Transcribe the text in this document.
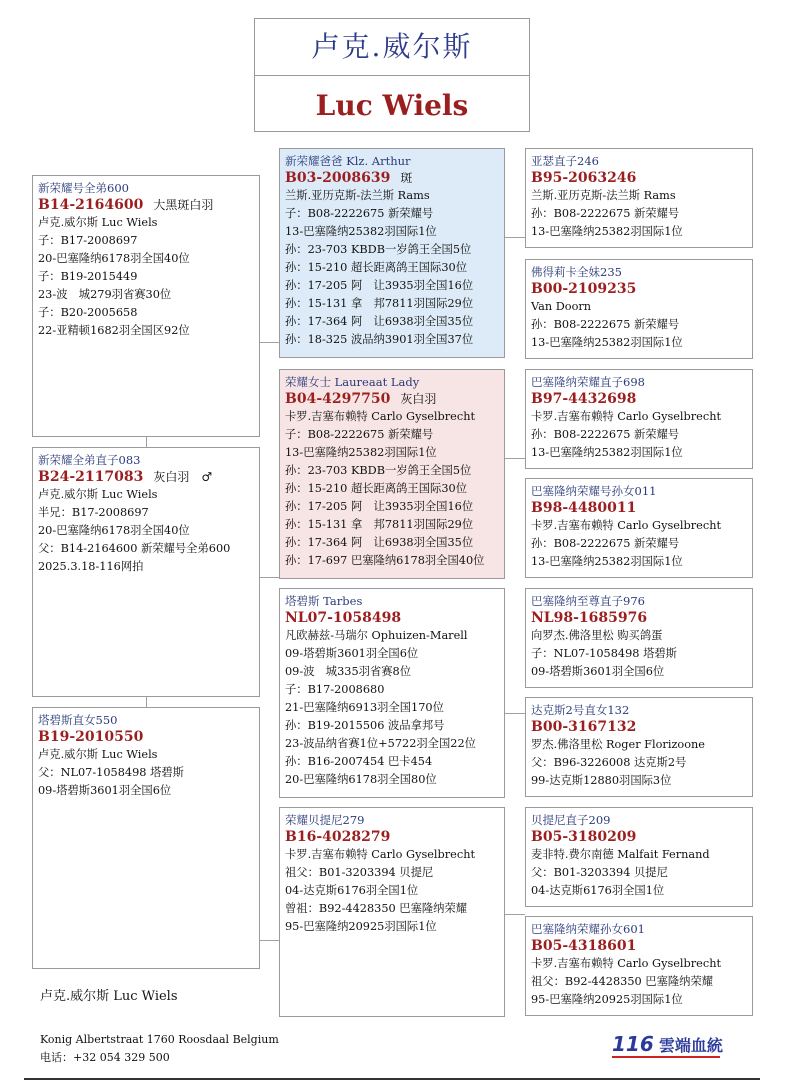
卢克.威尔斯
Luc Wiels
新荣耀号全弟600
B14-2164600 大黑斑白羽
卢克.威尔斯 Luc Wiels
子：B17-2008697
20-巴塞隆纳6178羽全国40位
子：B19-2015449
23-波　城279羽省赛30位
子：B20-2005658
22-亚精顿1682羽全国区92位
新荣耀全弟直子083
B24-2117083 灰白羽　♂
卢克.威尔斯 Luc Wiels
半兄：B17-2008697
20-巴塞隆纳6178羽全国40位
父：B14-2164600 新荣耀号全弟600
2025.3.18-116网拍
塔碧斯直女550
B19-2010550
卢克.威尔斯 Luc Wiels
父：NL07-1058498 塔碧斯
09-塔碧斯3601羽全国6位
新荣耀爸爸 Klz. Arthur
B03-2008639 斑
兰斯.亚历克斯-法兰斯 Rams
子：B08-2222675 新荣耀号
13-巴塞隆纳25382羽国际1位
孙：23-703 KBDB一岁鸽王全国5位
孙：15-210 超长距离鸽王国际30位
孙：17-205 阿　让3935羽全国16位
孙：15-131 拿　邦7811羽国际29位
孙：17-364 阿　让6938羽全国35位
孙：18-325 波品纳3901羽全国37位
荣耀女士 Laureaat Lady
B04-4297750 灰白羽
卡罗.吉塞布赖特 Carlo Gyselbrecht
子：B08-2222675 新荣耀号
13-巴塞隆纳25382羽国际1位
孙：23-703 KBDB一岁鸽王全国5位
孙：15-210 超长距离鸽王国际30位
孙：17-205 阿　让3935羽全国16位
孙：15-131 拿　邦7811羽国际29位
孙：17-364 阿　让6938羽全国35位
孙：17-697 巴塞隆纳6178羽全国40位
塔碧斯 Tarbes
NL07-1058498
凡欧赫兹-马瑞尔 Ophuizen-Marell
09-塔碧斯3601羽全国6位
09-波　城335羽省赛8位
子：B17-2008680
21-巴塞隆纳6913羽全国170位
孙：B19-2015506 波品拿邦号
23-波品纳省赛1位+5722羽全国22位
孙：B16-2007454 巴卡454
20-巴塞隆纳6178羽全国80位
荣耀贝提尼279
B16-4028279
卡罗.吉塞布赖特 Carlo Gyselbrecht
祖父：B01-3203394 贝提尼
04-达克斯6176羽全国1位
曾祖：B92-4428350 巴塞隆纳荣耀
95-巴塞隆纳20925羽国际1位
亚瑟直子246
B95-2063246
兰斯.亚历克斯-法兰斯 Rams
孙：B08-2222675 新荣耀号
13-巴塞隆纳25382羽国际1位
佛得莉卡全妹235
B00-2109235
Van Doorn
孙：B08-2222675 新荣耀号
13-巴塞隆纳25382羽国际1位
巴塞隆纳荣耀直子698
B97-4432698
卡罗.吉塞布赖特 Carlo Gyselbrecht
孙：B08-2222675 新荣耀号
13-巴塞隆纳25382羽国际1位
巴塞隆纳荣耀号孙女011
B98-4480011
卡罗.吉塞布赖特 Carlo Gyselbrecht
孙：B08-2222675 新荣耀号
13-巴塞隆纳25382羽国际1位
巴塞隆纳至尊直子976
NL98-1685976
向罗杰.佛洛里松 购买鸽蛋
子：NL07-1058498 塔碧斯
09-塔碧斯3601羽全国6位
达克斯2号直女132
B00-3167132
罗杰.佛洛里松 Roger Florizoone
父：B96-3226008 达克斯2号
99-达克斯12880羽国际3位
贝提尼直子209
B05-3180209
麦非特.费尔南德 Malfait Fernand
父：B01-3203394 贝提尼
04-达克斯6176羽全国1位
巴塞隆纳荣耀孙女601
B05-4318601
卡罗.吉塞布赖特 Carlo Gyselbrecht
祖父：B92-4428350 巴塞隆纳荣耀
95-巴塞隆纳20925羽国际1位
卢克.威尔斯 Luc Wiels
Konig Albertstraat 1760 Roosdaal Belgium
电话：+32 054 329 500
116 雲端血統
